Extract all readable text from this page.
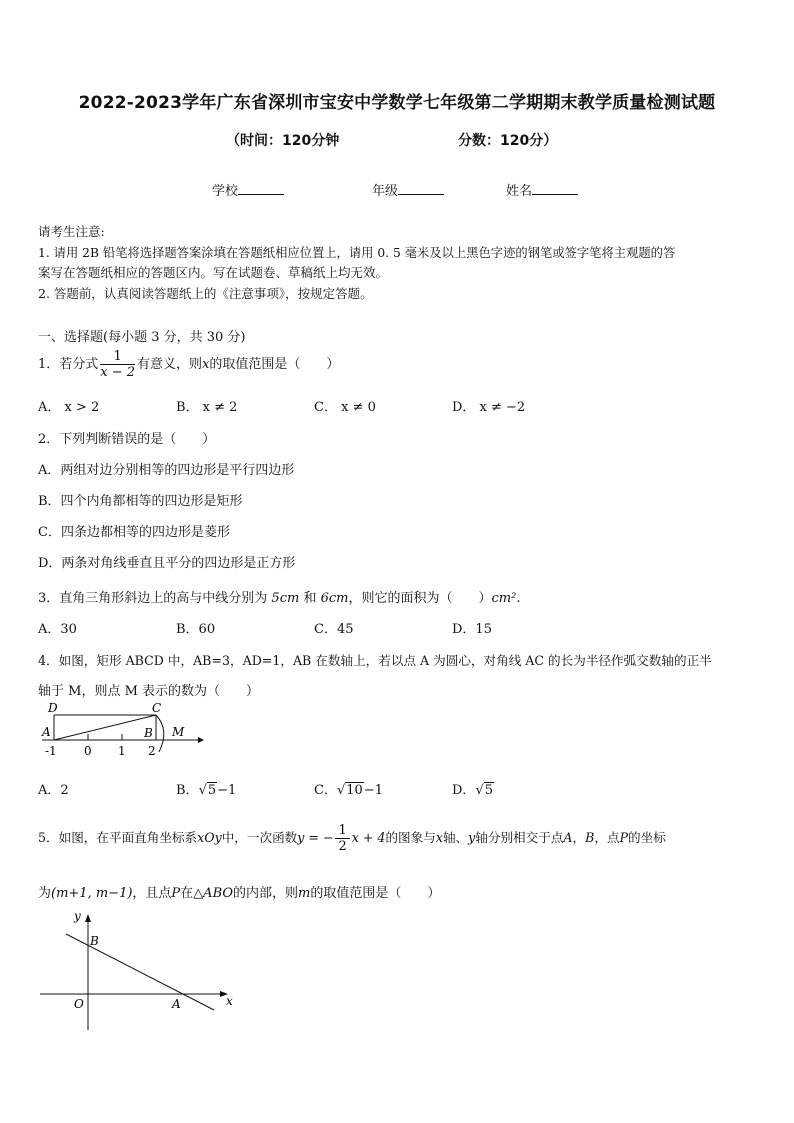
2022-2023学年广东省深圳市宝安中学数学七年级第二学期期末教学质量检测试题
（时间：120分钟	分数：120分）
学校	年级	姓名
请考生注意:
1. 请用 2B 铅笔将选择题答案涂填在答题纸相应位置上，请用 0. 5 毫米及以上黑色字迹的钢笔或签字笔将主观题的答
案写在答题纸相应的答题区内。写在试题卷、草稿纸上均无效。
2. 答题前，认真阅读答题纸上的《注意事项》，按规定答题。
一、选择题(每小题 3 分，共 30 分)
1．若分式 $\frac{1}{x - 2}$ 有意义，则x的取值范围是（　　）
A． x > 2	B． x ≠ 2	C． x ≠ 0	D． x ≠ −2
2．下列判断错误的是（　　）
A．两组对边分别相等的四边形是平行四边形
B．四个内角都相等的四边形是矩形
C．四条边都相等的四边形是菱形
D．两条对角线垂直且平分的四边形是正方形
3．直角三角形斜边上的高与中线分别为 5cm 和 6cm，则它的面积为（　　）cm².
A．30	B．60	C．45	D．15
4．如图，矩形 ABCD 中，AB=3，AD=1，AB 在数轴上，若以点 A 为圆心，对角线 AC 的长为半径作弧交数轴的正半
轴于 M，则点 M 表示的数为（　　）
D	C
A	B M
-1 0 1 2
A．2	B．√5−1	C．√10−1	D．√5
5．如图，在平面直角坐标系xOy中，一次函数y = − $\frac{1}{2}$ x + 4的图象与x轴、y轴分别相交于点A，B，点P的坐标
为(m+1, m−1)，且点P在△ABO的内部，则m的取值范围是（　　）
y
x
B
O	A
